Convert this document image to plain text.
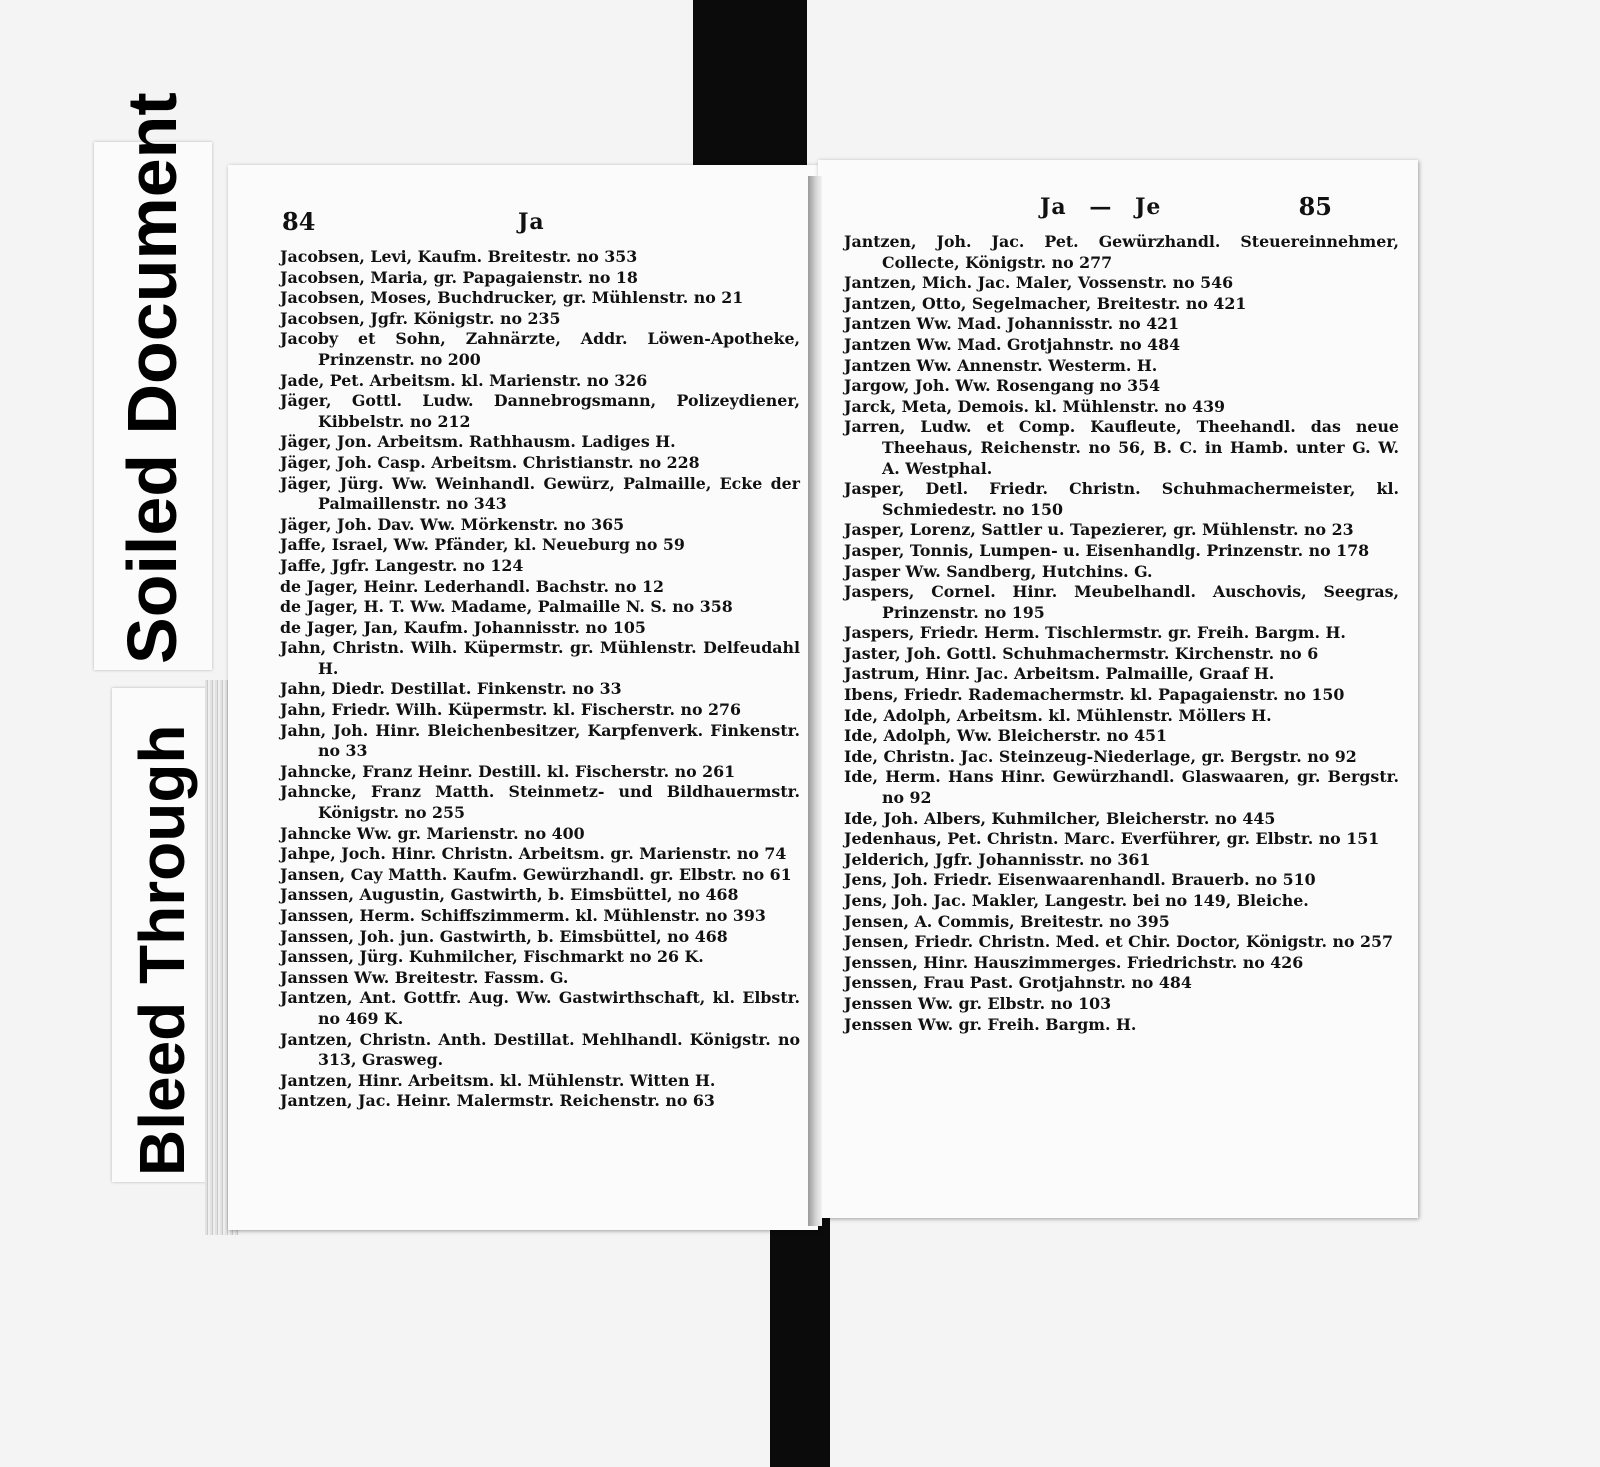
Soiled Document
Bleed Through
84	Ja
Jacobsen, Levi, Kaufm. Breitestr. no 353
Jacobsen, Maria, gr. Papagaienstr. no 18
Jacobsen, Moses, Buchdrucker, gr. Mühlenstr. no 21
Jacobsen, Jgfr. Königstr. no 235
Jacoby et Sohn, Zahnärzte, Addr. Löwen-Apotheke, Prinzenstr. no 200
Jade, Pet. Arbeitsm. kl. Marienstr. no 326
Jäger, Gottl. Ludw. Dannebrogsmann, Polizeydiener, Kibbelstr. no 212
Jäger, Jon. Arbeitsm. Rathhausm. Ladiges H.
Jäger, Joh. Casp. Arbeitsm. Christianstr. no 228
Jäger, Jürg. Ww. Weinhandl. Gewürz, Palmaille, Ecke der Palmaillenstr. no 343
Jäger, Joh. Dav. Ww. Mörkenstr. no 365
Jaffe, Israel, Ww. Pfänder, kl. Neueburg no 59
Jaffe, Jgfr. Langestr. no 124
de Jager, Heinr. Lederhandl. Bachstr. no 12
de Jager, H. T. Ww. Madame, Palmaille N. S. no 358
de Jager, Jan, Kaufm. Johannisstr. no 105
Jahn, Christn. Wilh. Küpermstr. gr. Mühlenstr. Delfeudahl H.
Jahn, Diedr. Destillat. Finkenstr. no 33
Jahn, Friedr. Wilh. Küpermstr. kl. Fischerstr. no 276
Jahn, Joh. Hinr. Bleichenbesitzer, Karpfenverk. Finkenstr. no 33
Jahncke, Franz Heinr. Destill. kl. Fischerstr. no 261
Jahncke, Franz Matth. Steinmetz- und Bildhauermstr. Königstr. no 255
Jahncke Ww. gr. Marienstr. no 400
Jahpe, Joch. Hinr. Christn. Arbeitsm. gr. Marienstr. no 74
Jansen, Cay Matth. Kaufm. Gewürzhandl. gr. Elbstr. no 61
Janssen, Augustin, Gastwirth, b. Eimsbüttel, no 468
Janssen, Herm. Schiffszimmerm. kl. Mühlenstr. no 393
Janssen, Joh. jun. Gastwirth, b. Eimsbüttel, no 468
Janssen, Jürg. Kuhmilcher, Fischmarkt no 26 K.
Janssen Ww. Breitestr. Fassm. G.
Jantzen, Ant. Gottfr. Aug. Ww. Gastwirthschaft, kl. Elbstr. no 469 K.
Jantzen, Christn. Anth. Destillat. Mehlhandl. Königstr. no 313, Grasweg.
Jantzen, Hinr. Arbeitsm. kl. Mühlenstr. Witten H.
Jantzen, Jac. Heinr. Malermstr. Reichenstr. no 63
85
Ja — Je
Jantzen, Joh. Jac. Pet. Gewürzhandl. Steuereinnehmer, Collecte, Königstr. no 277
Jantzen, Mich. Jac. Maler, Vossenstr. no 546
Jantzen, Otto, Segelmacher, Breitestr. no 421
Jantzen Ww. Mad. Johannisstr. no 421
Jantzen Ww. Mad. Grotjahnstr. no 484
Jantzen Ww. Annenstr. Westerm. H.
Jargow, Joh. Ww. Rosengang no 354
Jarck, Meta, Demois. kl. Mühlenstr. no 439
Jarren, Ludw. et Comp. Kaufleute, Theehandl. das neue Theehaus, Reichenstr. no 56, B. C. in Hamb. unter G. W. A. Westphal.
Jasper, Detl. Friedr. Christn. Schuhmachermeister, kl. Schmiedestr. no 150
Jasper, Lorenz, Sattler u. Tapezierer, gr. Mühlenstr. no 23
Jasper, Tonnis, Lumpen- u. Eisenhandlg. Prinzenstr. no 178
Jasper Ww. Sandberg, Hutchins. G.
Jaspers, Cornel. Hinr. Meubelhandl. Auschovis, Seegras, Prinzenstr. no 195
Jaspers, Friedr. Herm. Tischlermstr. gr. Freih. Bargm. H.
Jaster, Joh. Gottl. Schuhmachermstr. Kirchenstr. no 6
Jastrum, Hinr. Jac. Arbeitsm. Palmaille, Graaf H.
Ibens, Friedr. Rademachermstr. kl. Papagaienstr. no 150
Ide, Adolph, Arbeitsm. kl. Mühlenstr. Möllers H.
Ide, Adolph, Ww. Bleicherstr. no 451
Ide, Christn. Jac. Steinzeug-Niederlage, gr. Bergstr. no 92
Ide, Herm. Hans Hinr. Gewürzhandl. Glaswaaren, gr. Bergstr. no 92
Ide, Joh. Albers, Kuhmilcher, Bleicherstr. no 445
Jedenhaus, Pet. Christn. Marc. Everführer, gr. Elbstr. no 151
Jelderich, Jgfr. Johannisstr. no 361
Jens, Joh. Friedr. Eisenwaarenhandl. Brauerb. no 510
Jens, Joh. Jac. Makler, Langestr. bei no 149, Bleiche.
Jensen, A. Commis, Breitestr. no 395
Jensen, Friedr. Christn. Med. et Chir. Doctor, Königstr. no 257
Jenssen, Hinr. Hauszimmerges. Friedrichstr. no 426
Jenssen, Frau Past. Grotjahnstr. no 484
Jenssen Ww. gr. Elbstr. no 103
Jenssen Ww. gr. Freih. Bargm. H.
